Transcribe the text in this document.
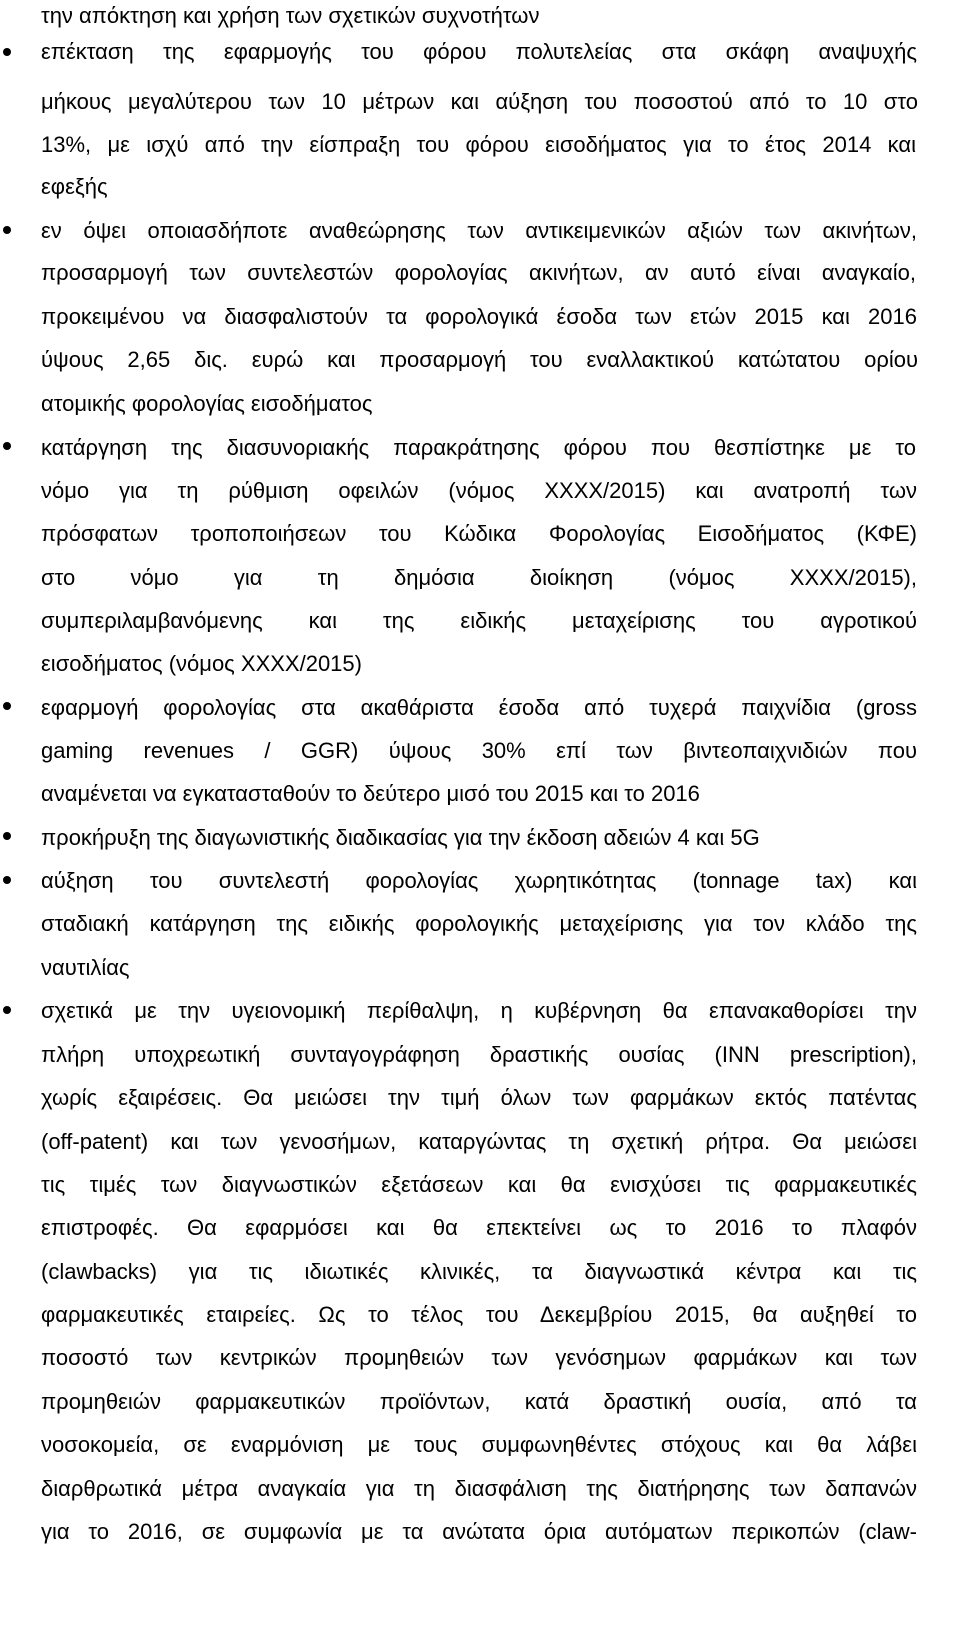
την απόκτηση και χρήση των σχετικών συχνοτήτων
επέκταση της εφαρμογής του φόρου πολυτελείας στα σκάφη αναψυχής
μήκους μεγαλύτερου των 10 μέτρων και αύξηση του ποσοστού από το 10 στο
13%, με ισχύ από την είσπραξη του φόρου εισοδήματος για το έτος 2014 και
εφεξής
εν όψει οποιασδήποτε αναθεώρησης των αντικειμενικών αξιών των ακινήτων,
προσαρμογή των συντελεστών φορολογίας ακινήτων, αν αυτό είναι αναγκαίο,
προκειμένου να διασφαλιστούν τα φορολογικά έσοδα των ετών 2015 και 2016
ύψους 2,65 δις. ευρώ και προσαρμογή του εναλλακτικού κατώτατου ορίου
ατομικής φορολογίας εισοδήματος
κατάργηση της διασυνοριακής παρακράτησης φόρου που θεσπίστηκε με το
νόμο για τη ρύθμιση οφειλών (νόμος ΧΧΧΧ/2015) και ανατροπή των
πρόσφατων τροποποιήσεων του Κώδικα Φορολογίας Εισοδήματος (ΚΦΕ)
στο νόμο για τη δημόσια διοίκηση (νόμος ΧΧΧΧ/2015),
συμπεριλαμβανόμενης και της ειδικής μεταχείρισης του αγροτικού
εισοδήματος (νόμος ΧΧΧΧ/2015)
εφαρμογή φορολογίας στα ακαθάριστα έσοδα από τυχερά παιχνίδια (gross
gaming revenues / GGR) ύψους 30% επί των βιντεοπαιχνιδιών που
αναμένεται να εγκατασταθούν το δεύτερο μισό του 2015 και το 2016
προκήρυξη της διαγωνιστικής διαδικασίας για την έκδοση αδειών 4 και 5G
αύξηση του συντελεστή φορολογίας χωρητικότητας (tonnage tax) και
σταδιακή κατάργηση της ειδικής φορολογικής μεταχείρισης για τον κλάδο της
ναυτιλίας
σχετικά με την υγειονομική περίθαλψη, η κυβέρνηση θα επανακαθορίσει την
πλήρη υποχρεωτική συνταγογράφηση δραστικής ουσίας (INN prescription),
χωρίς εξαιρέσεις. Θα μειώσει την τιμή όλων των φαρμάκων εκτός πατέντας
(off-patent) και των γενοσήμων, καταργώντας τη σχετική ρήτρα. Θα μειώσει
τις τιμές των διαγνωστικών εξετάσεων και θα ενισχύσει τις φαρμακευτικές
επιστροφές. Θα εφαρμόσει και θα επεκτείνει ως το 2016 το πλαφόν
(clawbacks) για τις ιδιωτικές κλινικές, τα διαγνωστικά κέντρα και τις
φαρμακευτικές εταιρείες. Ως το τέλος του Δεκεμβρίου 2015, θα αυξηθεί το
ποσοστό των κεντρικών προμηθειών των γενόσημων φαρμάκων και των
προμηθειών φαρμακευτικών προϊόντων, κατά δραστική ουσία, από τα
νοσοκομεία, σε εναρμόνιση με τους συμφωνηθέντες στόχους και θα λάβει
διαρθρωτικά μέτρα αναγκαία για τη διασφάλιση της διατήρησης των δαπανών
για το 2016, σε συμφωνία με τα ανώτατα όρια αυτόματων περικοπών (claw-
